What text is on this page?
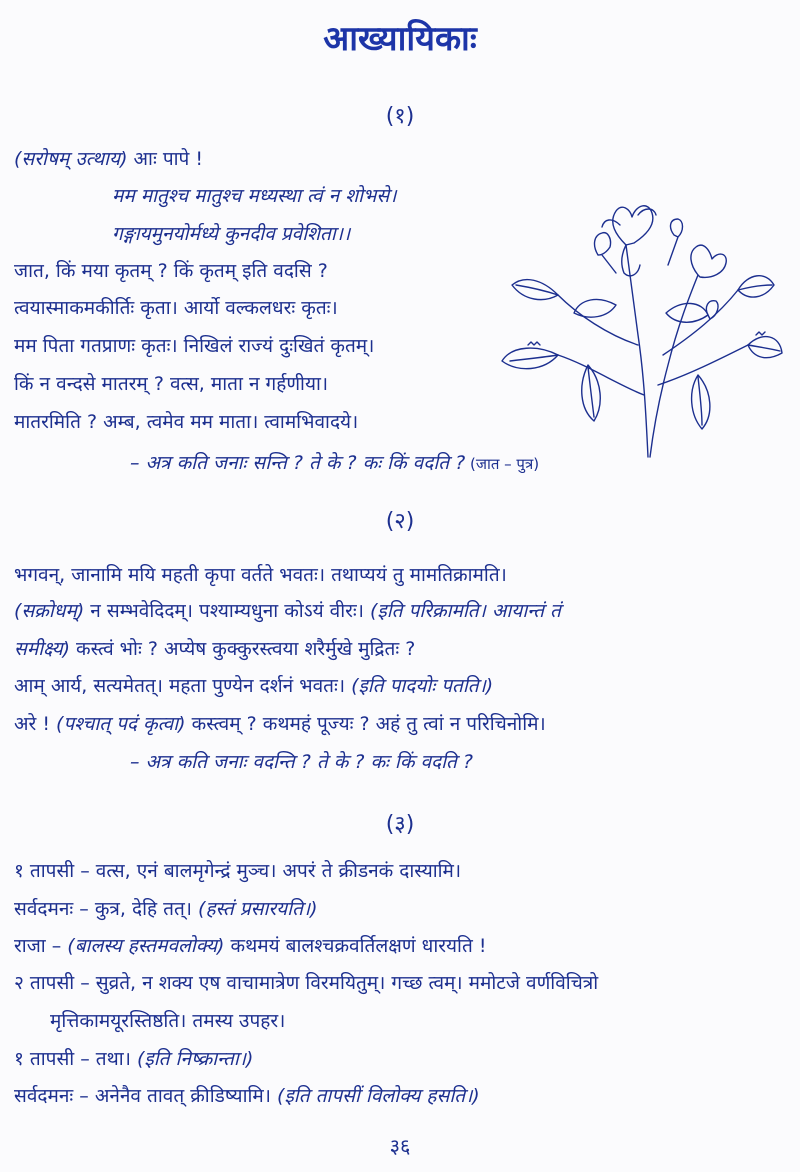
आख्यायिकाः
(१)
(सरोषम् उत्थाय) आः पापे !
मम मातुश्च मातुश्च मध्यस्था त्वं न शोभसे।
गङ्गायमुनयोर्मध्ये कुनदीव प्रवेशिता।।
जात, किं मया कृतम् ? किं कृतम् इति वदसि ?
त्वयास्माकमकीर्तिः कृता। आर्यो वल्कलधरः कृतः।
मम पिता गतप्राणः कृतः। निखिलं राज्यं दुःखितं कृतम्।
किं न वन्दसे मातरम् ? वत्स, माता न गर्हणीया।
मातरमिति ? अम्ब, त्वमेव मम माता। त्वामभिवादये।
– अत्र कति जनाः सन्ति ? ते के ? कः किं वदति ? (जात – पुत्र)
(२)
भगवन्, जानामि मयि महती कृपा वर्तते भवतः। तथाप्ययं तु मामतिक्रामति।
(सक्रोधम्) न सम्भवेदिदम्। पश्याम्यधुना कोऽयं वीरः। (इति परिक्रामति। आयान्तं तं
समीक्ष्य) कस्त्वं भोः ? अप्येष कुक्कुरस्त्वया शरैर्मुखे मुद्रितः ?
आम् आर्य, सत्यमेतत्। महता पुण्येन दर्शनं भवतः। (इति पादयोः पतति।)
अरे ! (पश्चात् पदं कृत्वा) कस्त्वम् ? कथमहं पूज्यः ? अहं तु त्वां न परिचिनोमि।
– अत्र कति जनाः वदन्ति ? ते के ? कः किं वदति ?
(३)
१ तापसी – वत्स, एनं बालमृगेन्द्रं मुञ्च। अपरं ते क्रीडनकं दास्यामि।
सर्वदमनः – कुत्र, देहि तत्। (हस्तं प्रसारयति।)
राजा – (बालस्य हस्तमवलोक्य) कथमयं बालश्चक्रवर्तिलक्षणं धारयति !
२ तापसी – सुव्रते, न शक्य एष वाचामात्रेण विरमयितुम्। गच्छ त्वम्। ममोटजे वर्णविचित्रो
मृत्तिकामयूरस्तिष्ठति। तमस्य उपहर।
१ तापसी – तथा। (इति निष्क्रान्ता।)
सर्वदमनः – अनेनैव तावत् क्रीडिष्यामि। (इति तापसीं विलोक्य हसति।)
३६
